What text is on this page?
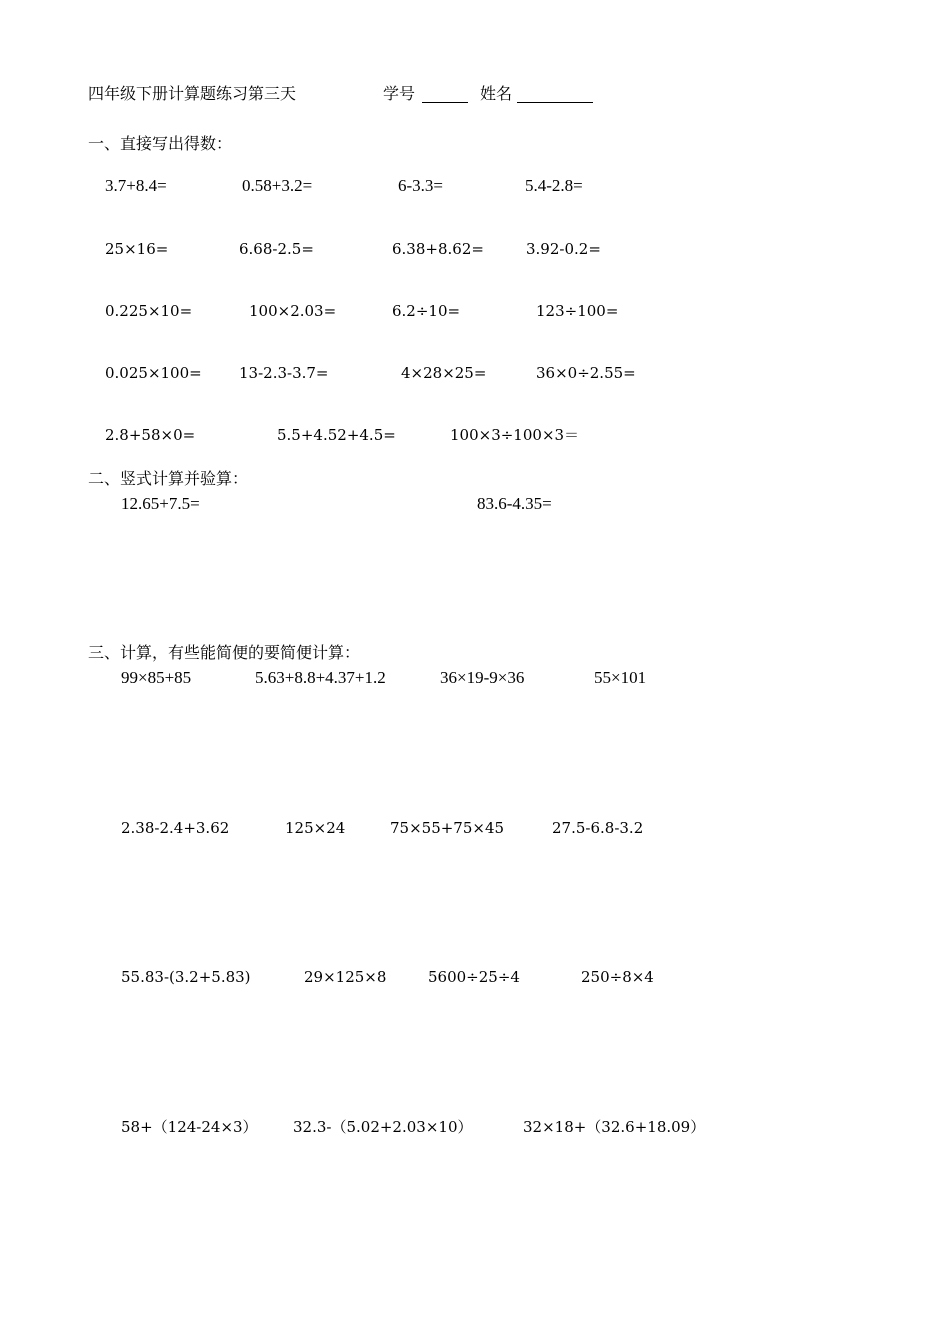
四年级下册计算题练习第三天	学号	姓名
一、直接写出得数：
3.7+8.4=	0.58+3.2=	6-3.3=	5.4-2.8=
25×16=	6.68-2.5=	6.38+8.62=	3.92-0.2=
0.225×10=	100×2.03=	6.2÷10=	123÷100=
0.025×100= 13-2.3-3.7=	4×28×25=	36×0÷2.55=
2.8+58×0=	5.5+4.52+4.5=	100×3÷100×3＝
二、竖式计算并验算：
12.65+7.5=	83.6-4.35=
三、计算，有些能简便的要简便计算：
99×85+85	5.63+8.8+4.37+1.2	36×19-9×36	55×101
2.38-2.4+3.62	125×24	75×55+75×45	27.5-6.8-3.2
55.83-(3.2+5.83)	29×125×8	5600÷25÷4	250÷8×4
58+（124-24×3） 32.3-（5.02+2.03×10）	32×18+（32.6+18.09）
